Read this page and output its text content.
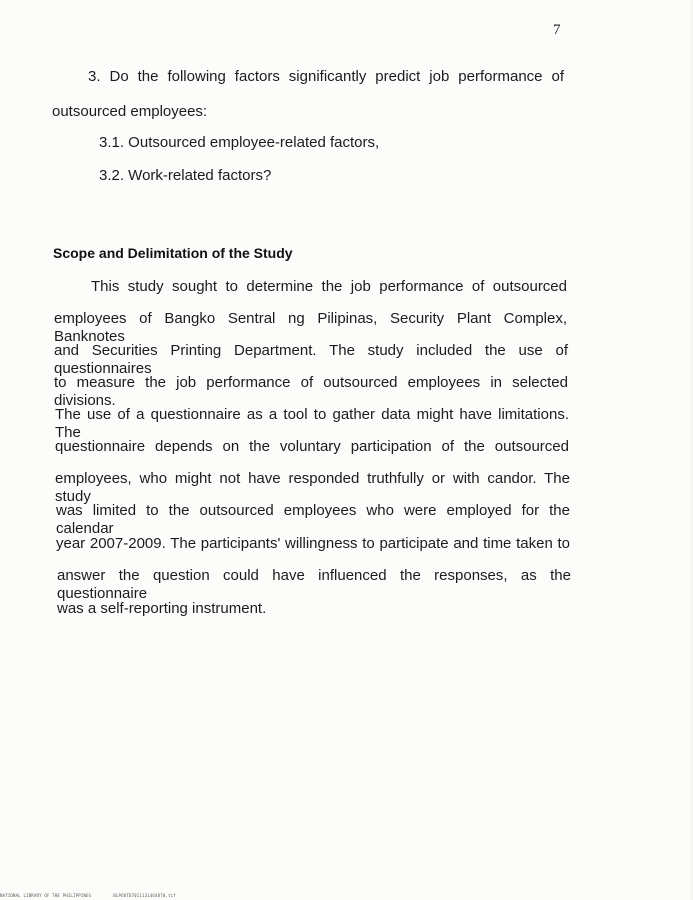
7
3. Do the following factors significantly predict job performance of
outsourced employees:
3.1. Outsourced employee-related factors,
3.2. Work-related factors?
Scope and Delimitation of the Study
This study sought to determine the job performance of outsourced
employees of Bangko Sentral ng Pilipinas, Security Plant Complex, Banknotes
and Securities Printing Department. The study included the use of questionnaires
to measure the job performance of outsourced employees in selected divisions.
The use of a questionnaire as a tool to gather data might have limitations. The
questionnaire depends on the voluntary participation of the outsourced
employees, who might not have responded truthfully or with candor. The study
was limited to the outsourced employees who were employed for the calendar
year 2007-2009. The participants' willingness to participate and time taken to
answer the question could have influenced the responses, as the questionnaire
was a self-reporting instrument.
NATIONAL LIBRARY OF THE PHILIPPINES	BLPOOTD7011131464870.tif
